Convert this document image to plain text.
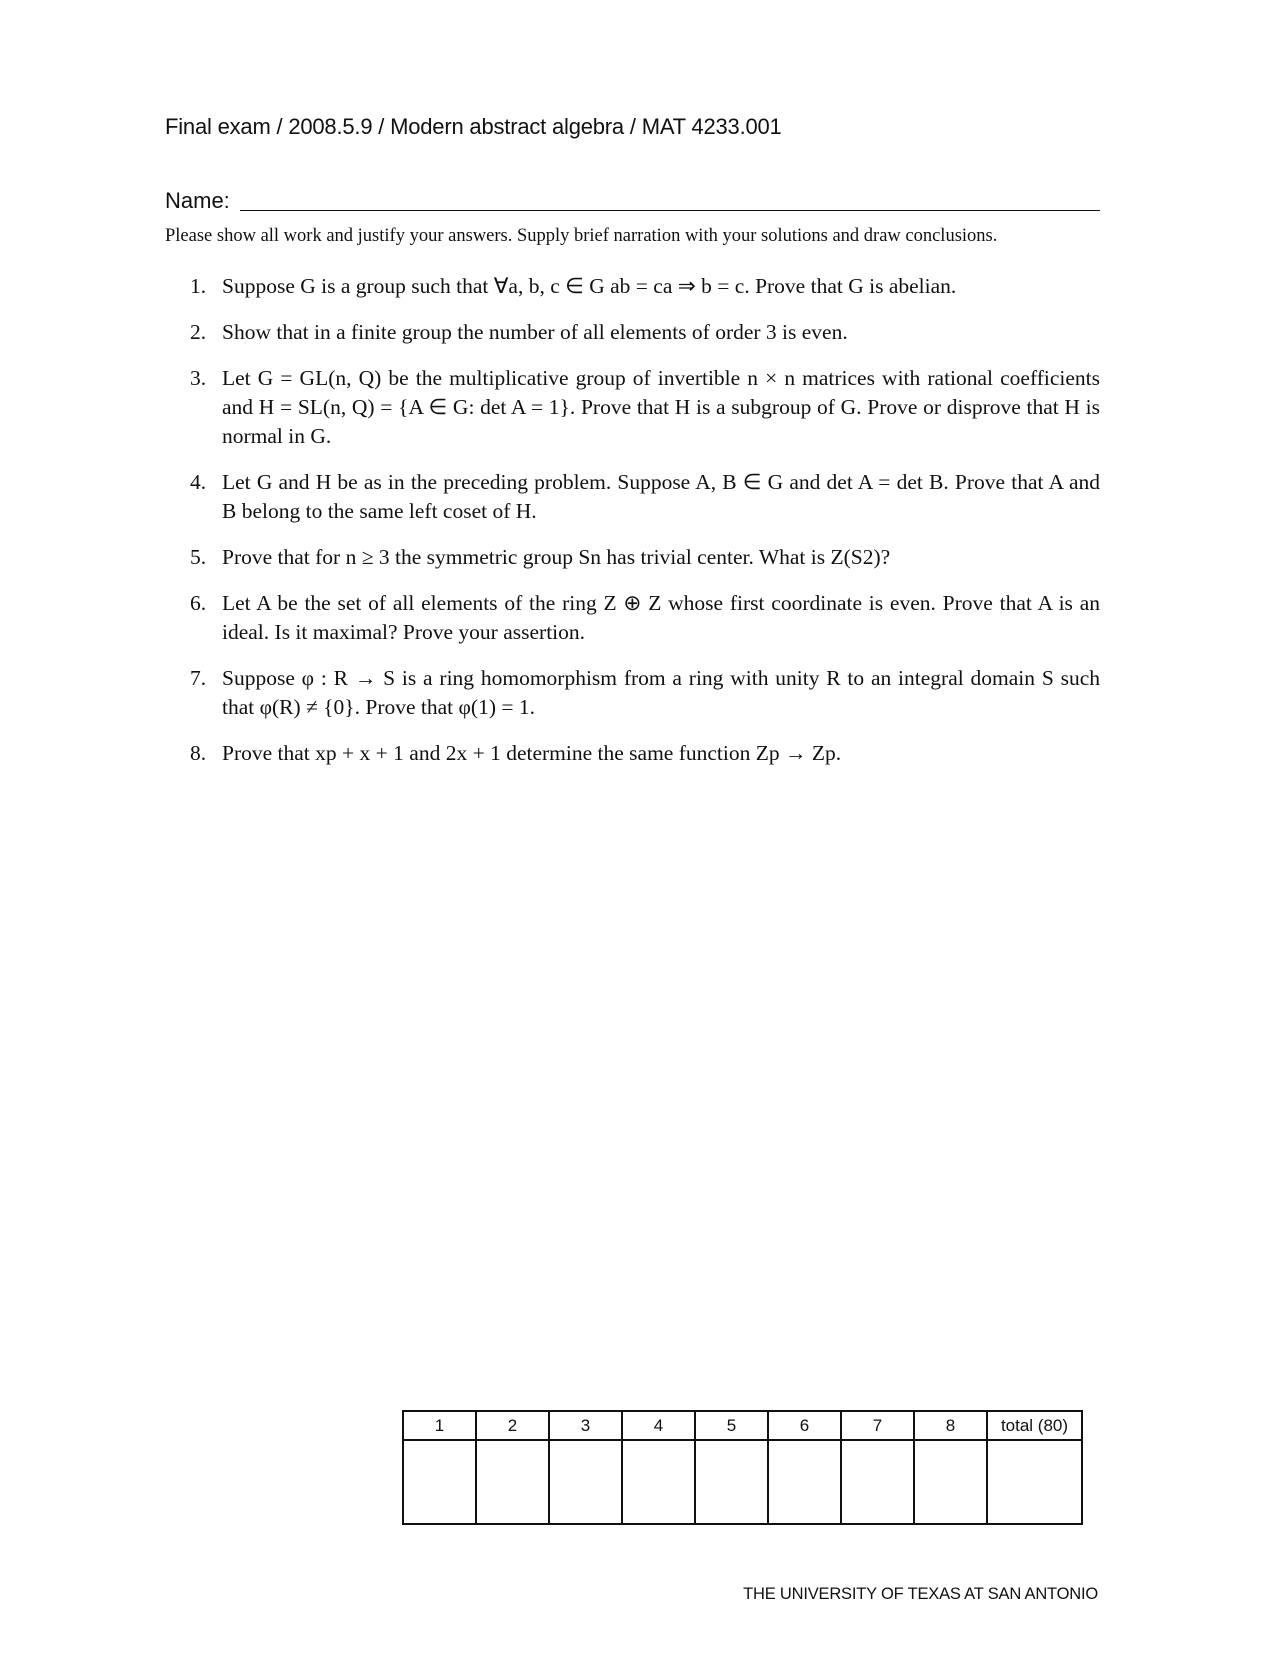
Final exam / 2008.5.9 / Modern abstract algebra / MAT 4233.001
Name:
Please show all work and justify your answers. Supply brief narration with your solutions and draw conclusions.
1. Suppose G is a group such that ∀a, b, c ∈ G ab = ca ⇒ b = c. Prove that G is abelian.
2. Show that in a finite group the number of all elements of order 3 is even.
3. Let G = GL(n, Q) be the multiplicative group of invertible n × n matrices with rational coefficients and H = SL(n, Q) = {A ∈ G: det A = 1}. Prove that H is a subgroup of G. Prove or disprove that H is normal in G.
4. Let G and H be as in the preceding problem. Suppose A, B ∈ G and det A = det B. Prove that A and B belong to the same left coset of H.
5. Prove that for n ≥ 3 the symmetric group Sn has trivial center. What is Z(S2)?
6. Let A be the set of all elements of the ring Z ⊕ Z whose first coordinate is even. Prove that A is an ideal. Is it maximal? Prove your assertion.
7. Suppose φ : R → S is a ring homomorphism from a ring with unity R to an integral domain S such that φ(R) ≠ {0}. Prove that φ(1) = 1.
8. Prove that xp + x + 1 and 2x + 1 determine the same function Zp → Zp.
1	2	3	4	5	6	7	8	total (80)

THE UNIVERSITY OF TEXAS AT SAN ANTONIO
